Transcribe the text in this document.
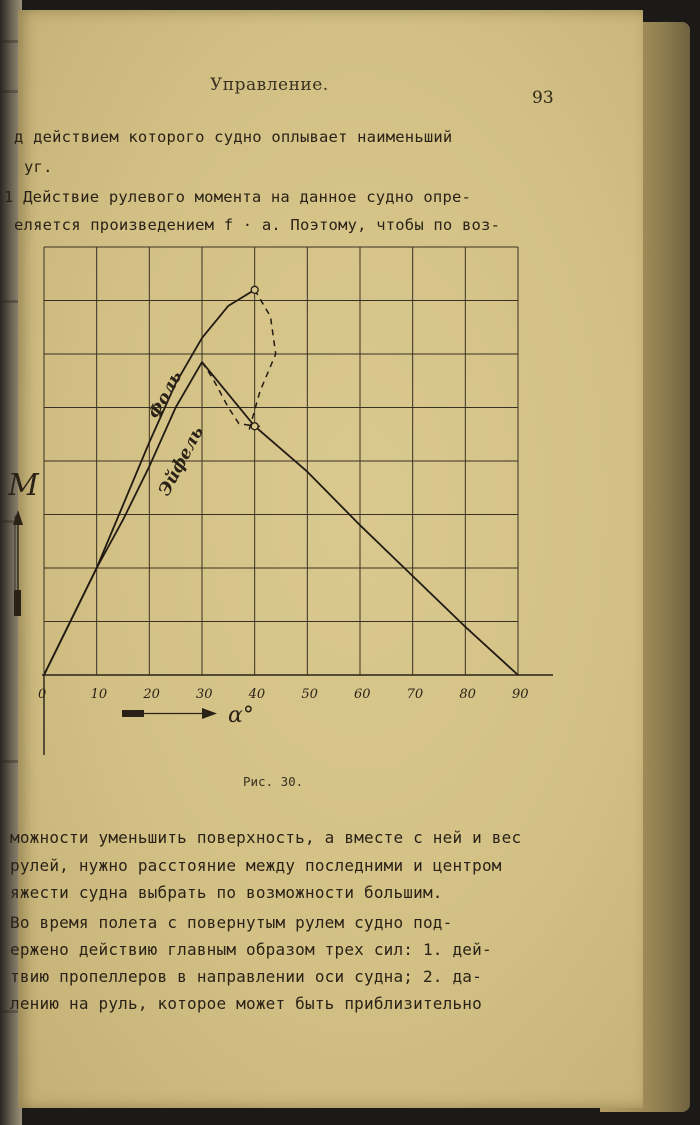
Управление.
93
д действием которого судно оплывает наименьший
уг.
1 Действие рулевого момента на данное судно опре-
еляется произведением f · a. Поэтому, чтобы по воз-
0	10	20	30	40	50	60	70	80	90
M
α°
Фоль
Эйфель
Рис. 30.
можности уменьшить поверхность, а вместе с ней и вес
рулей, нужно расстояние между последними и центром
яжести судна выбрать по возможности большим.
Во время полета с повернутым рулем судно под-
ержено действию главным образом трех сил: 1. дей-
твию пропеллеров в направлении оси судна; 2. да-
лению на руль, которое может быть приблизительно
